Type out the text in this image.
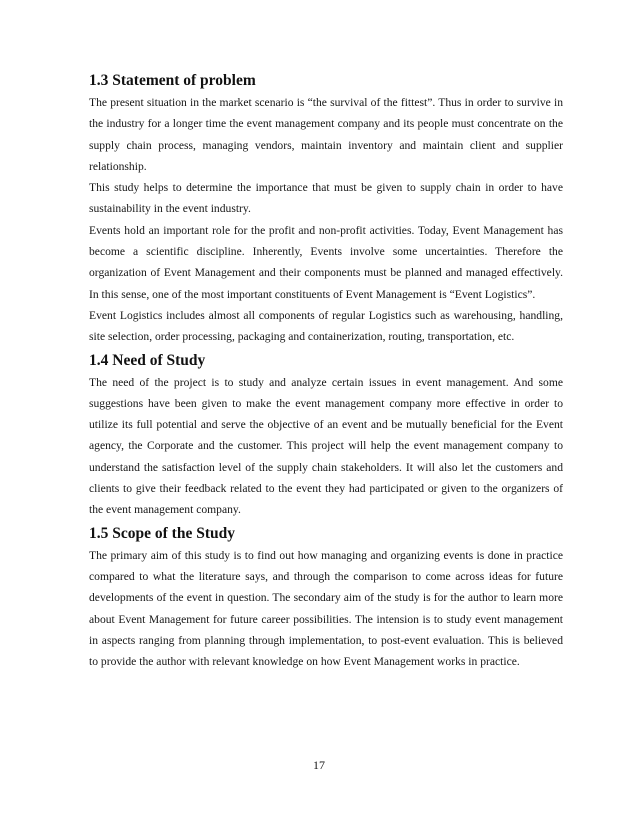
1.3 Statement of problem

The present situation in the market scenario is “the survival of the fittest”. Thus in order to survive in the industry for a longer time the event management company and its people must concentrate on the supply chain process, managing vendors, maintain inventory and maintain client and supplier relationship.

This study helps to determine the importance that must be given to supply chain in order to have sustainability in the event industry.

Events hold an important role for the profit and non-profit activities. Today, Event Management has become a scientific discipline. Inherently, Events involve some uncertainties. Therefore the organization of Event Management and their components must be planned and managed effectively. In this sense, one of the most important constituents of Event Management is “Event Logistics”.

Event Logistics includes almost all components of regular Logistics such as warehousing, handling, site selection, order processing, packaging and containerization, routing, transportation, etc.

1.4 Need of Study

The need of the project is to study and analyze certain issues in event management. And some suggestions have been given to make the event management company more effective in order to utilize its full potential and serve the objective of an event and be mutually beneficial for the Event agency, the Corporate and the customer. This project will help the event management company to understand the satisfaction level of the supply chain stakeholders. It will also let the customers and clients to give their feedback related to the event they had participated or given to the organizers of the event management company.

1.5 Scope of the Study

The primary aim of this study is to find out how managing and organizing events is done in practice compared to what the literature says, and through the comparison to come across ideas for future developments of the event in question. The secondary aim of the study is for the author to learn more about Event Management for future career possibilities. The intension is to study event management in aspects ranging from planning through implementation, to post-event evaluation. This is believed to provide the author with relevant knowledge on how Event Management works in practice.

17
